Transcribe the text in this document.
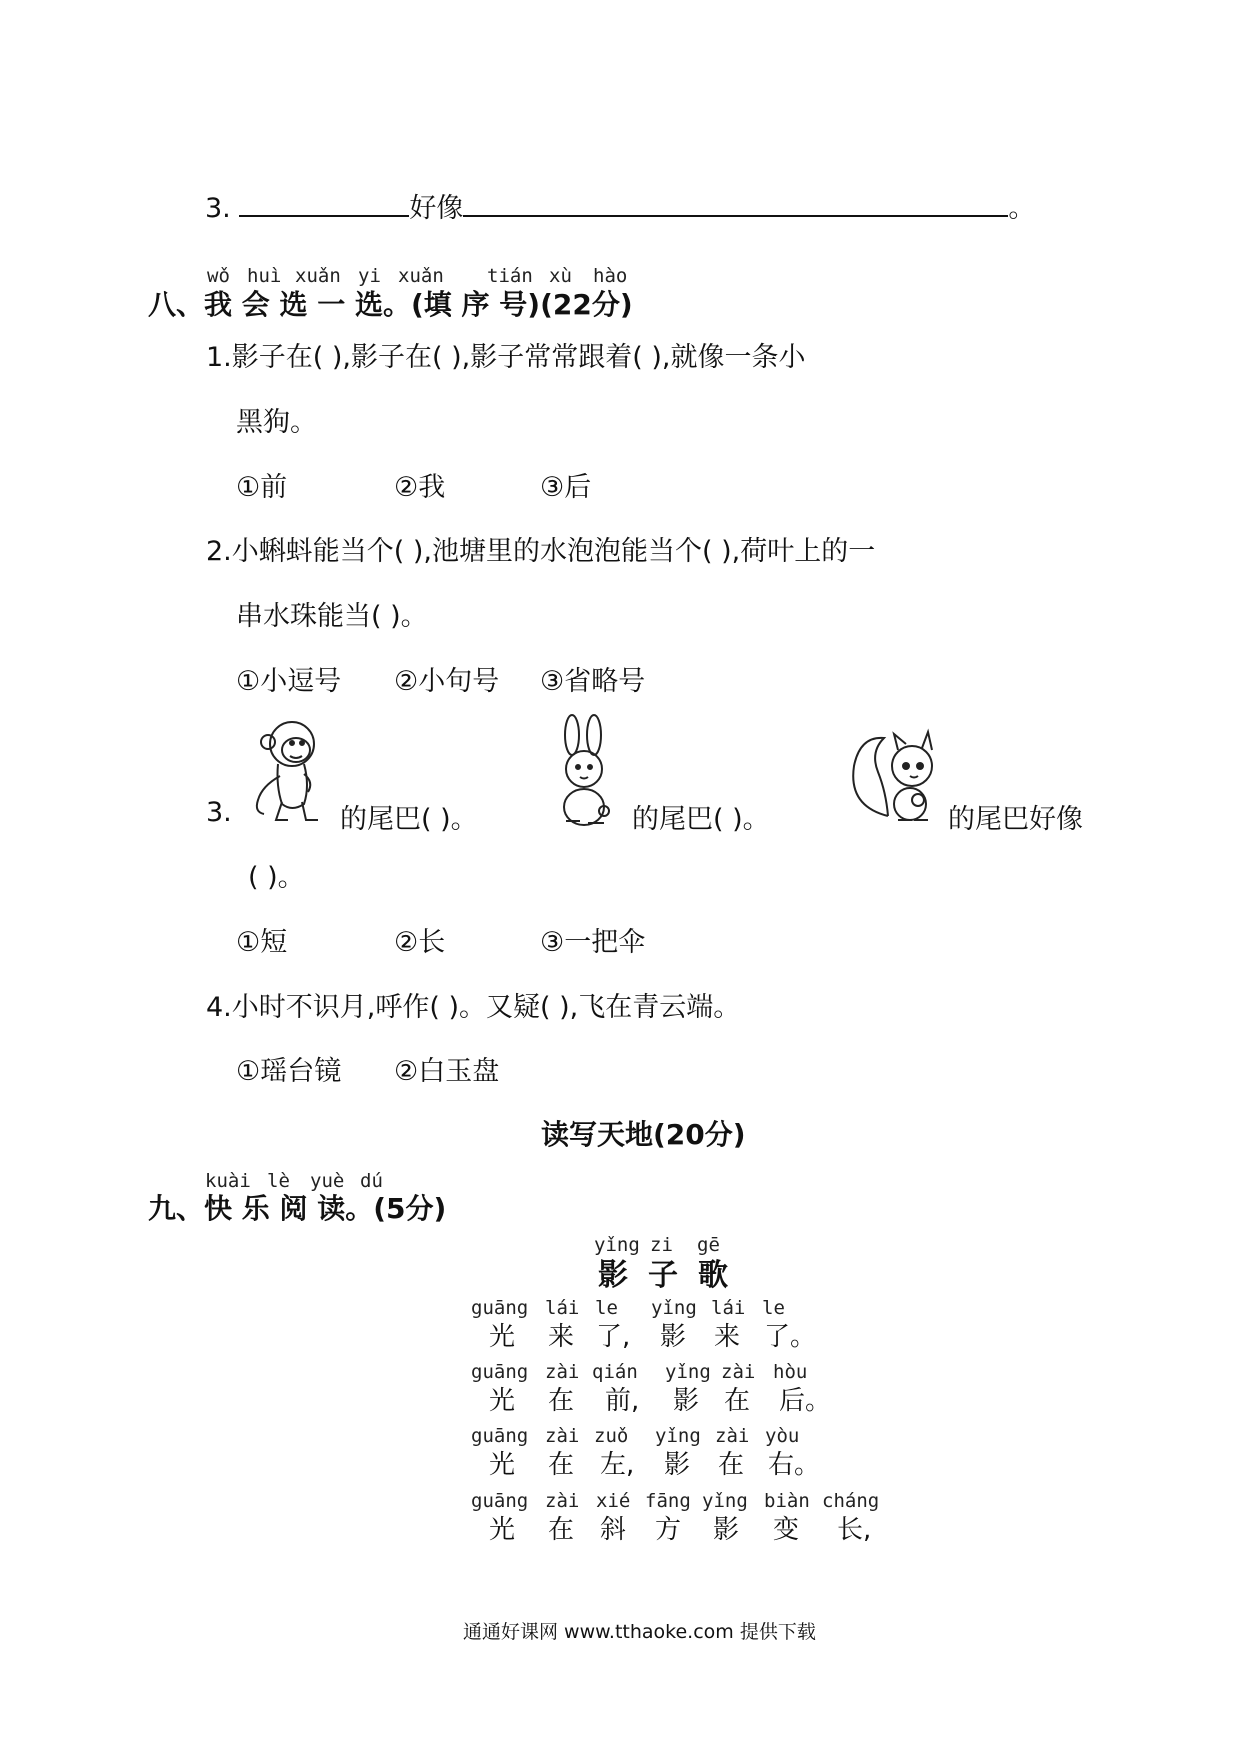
3.	好像	。
wǒ huì xuǎn yi xuǎn tián xù hào
八、我 会 选 一 选。(填 序 号)(22分)
1.影子在( ),影子在( ),影子常常跟着( ),就像一条小
黑狗。
①前	②我	③后
2.小蝌蚪能当个( ),池塘里的水泡泡能当个( ),荷叶上的一
串水珠能当( )。
①小逗号 ②小句号 ③省略号
3.	的尾巴( )。	的尾巴( )。	的尾巴好像
( )。
①短	②长	③一把伞
4.小时不识月,呼作( )。又疑( ),飞在青云端。
①瑶台镜 ②白玉盘
读写天地(20分)
kuài lè yuè dú
九、快 乐 阅 读。(5分)
yǐng zi gē
影 子 歌
guāng lái le yǐng lái le
光 来 了, 影 来 了。
guāng zài qián yǐng zài hòu
光 在 前, 影 在 后。
guāng zài zuǒ yǐng zài yòu
光 在 左, 影 在 右。
guāng zài xié fāng yǐng biàn cháng
光 在 斜 方 影 变 长,
通通好课网 www.tthaoke.com 提供下载
